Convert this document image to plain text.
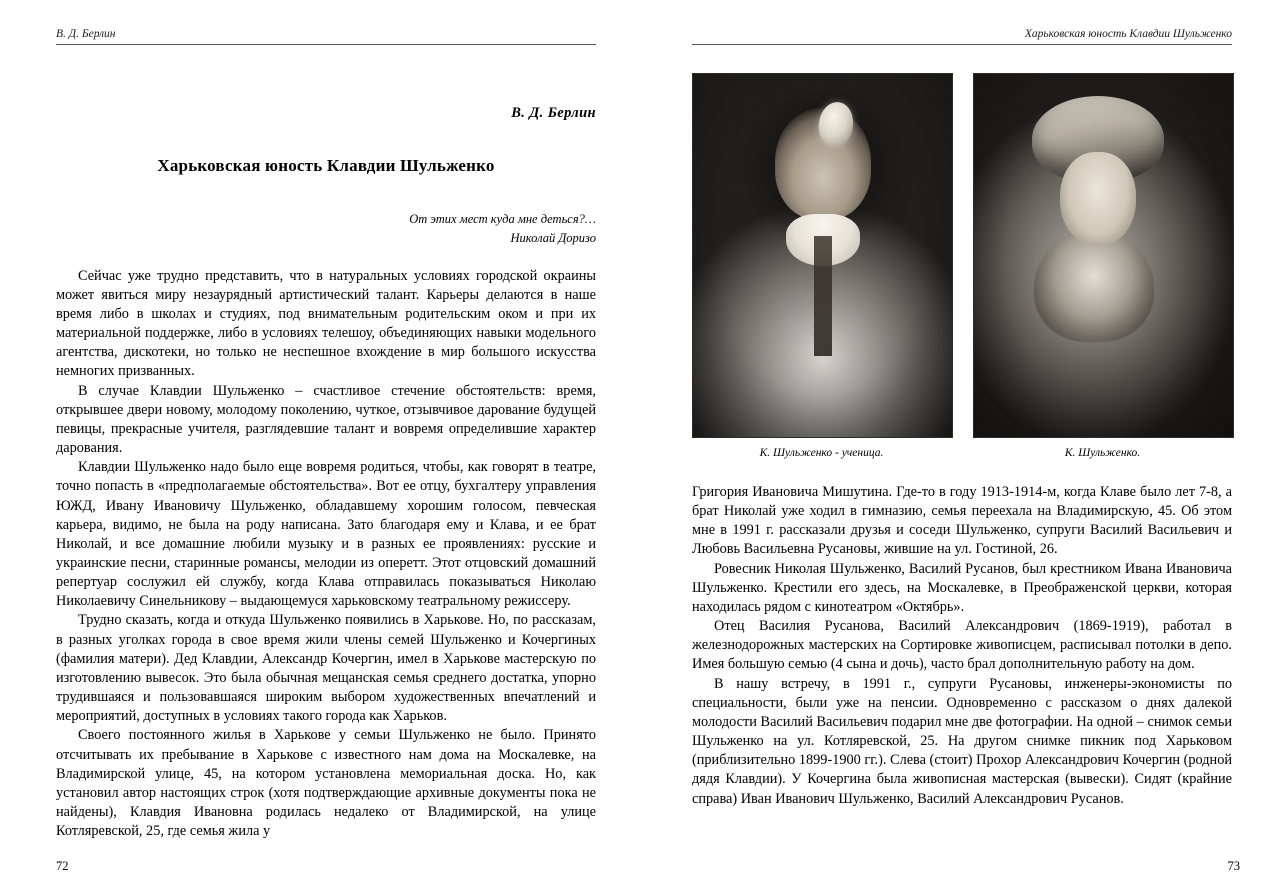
В. Д. Берлин
В. Д. Берлин
Харьковская юность Клавдии Шульженко
От этих мест куда мне деться?…
Николай Доризо

Сейчас уже трудно представить, что в натуральных условиях городской окраины может явиться миру незаурядный артистический талант. Карьеры делаются в наше время либо в школах и студиях, под внимательным родительским оком и при их материальной поддержке, либо в условиях телешоу, объединяющих навыки модельного агентства, дискотеки, но только не неспешное вхождение в мир большого искусства немногих призванных.

В случае Клавдии Шульженко – счастливое стечение обстоятельств: время, открывшее двери новому, молодому поколению, чуткое, отзывчивое дарование будущей певицы, прекрасные учителя, разглядевшие талант и вовремя определившие характер дарования.

Клавдии Шульженко надо было еще вовремя родиться, чтобы, как говорят в театре, точно попасть в «предполагаемые обстоятельства». Вот ее отцу, бухгалтеру управления ЮЖД, Ивану Ивановичу Шульженко, обладавшему хорошим голосом, певческая карьера, видимо, не была на роду написана. Зато благодаря ему и Клава, и ее брат Николай, и все домашние любили музыку и в разных ее проявлениях: русские и украинские песни, старинные романсы, мелодии из оперетт. Этот отцовский домашний репертуар сослужил ей службу, когда Клава отправилась показываться Николаю Николаевичу Синельникову – выдающемуся харьковскому театральному режиссеру.

Трудно сказать, когда и откуда Шульженко появились в Харькове. Но, по рассказам, в разных уголках города в свое время жили члены семей Шульженко и Кочергиных (фамилия матери). Дед Клавдии, Александр Кочергин, имел в Харькове мастерскую по изготовлению вывесок. Это была обычная мещанская семья среднего достатка, упорно трудившаяся и пользовавшаяся широким выбором художественных впечатлений и мероприятий, доступных в условиях такого города как Харьков.

Своего постоянного жилья в Харькове у семьи Шульженко не было. Принято отсчитывать их пребывание в Харькове с известного нам дома на Москалевке, на Владимирской улице, 45, на котором установлена мемориальная доска. Но, как установил автор настоящих строк (хотя подтверждающие архивные документы пока не найдены), Клавдия Ивановна родилась недалеко от Владимирской, на улице Котляревской, 25, где семья жила у

72
Харьковская юность Клавдии Шульженко
К. Шульженко - ученица.	К. Шульженко.

Григория Ивановича Мишутина. Где-то в году 1913-1914-м, когда Клаве было лет 7-8, а брат Николай уже ходил в гимназию, семья переехала на Владимирскую, 45. Об этом мне в 1991 г. рассказали друзья и соседи Шульженко, супруги Василий Васильевич и Любовь Васильевна Русановы, жившие на ул. Гостиной, 26.

Ровесник Николая Шульженко, Василий Русанов, был крестником Ивана Ивановича Шульженко. Крестили его здесь, на Москалевке, в Преображенской церкви, которая находилась рядом с кинотеатром «Октябрь».

Отец Василия Русанова, Василий Александрович (1869-1919), работал в железнодорожных мастерских на Сортировке живописцем, расписывал потолки в депо. Имея большую семью (4 сына и дочь), часто брал дополнительную работу на дом.

В нашу встречу, в 1991 г., супруги Русановы, инженеры-экономисты по специальности, были уже на пенсии. Одновременно с рассказом о днях далекой молодости Василий Васильевич подарил мне две фотографии. На одной – снимок семьи Шульженко на ул. Котляревской, 25. На другом снимке пикник под Харьковом (приблизительно 1899-1900 гг.). Слева (стоит) Прохор Александрович Кочергин (родной дядя Клавдии). У Кочергина была живописная мастерская (вывески). Сидят (крайние справа) Иван Иванович Шульженко, Василий Александрович Русанов.

73
